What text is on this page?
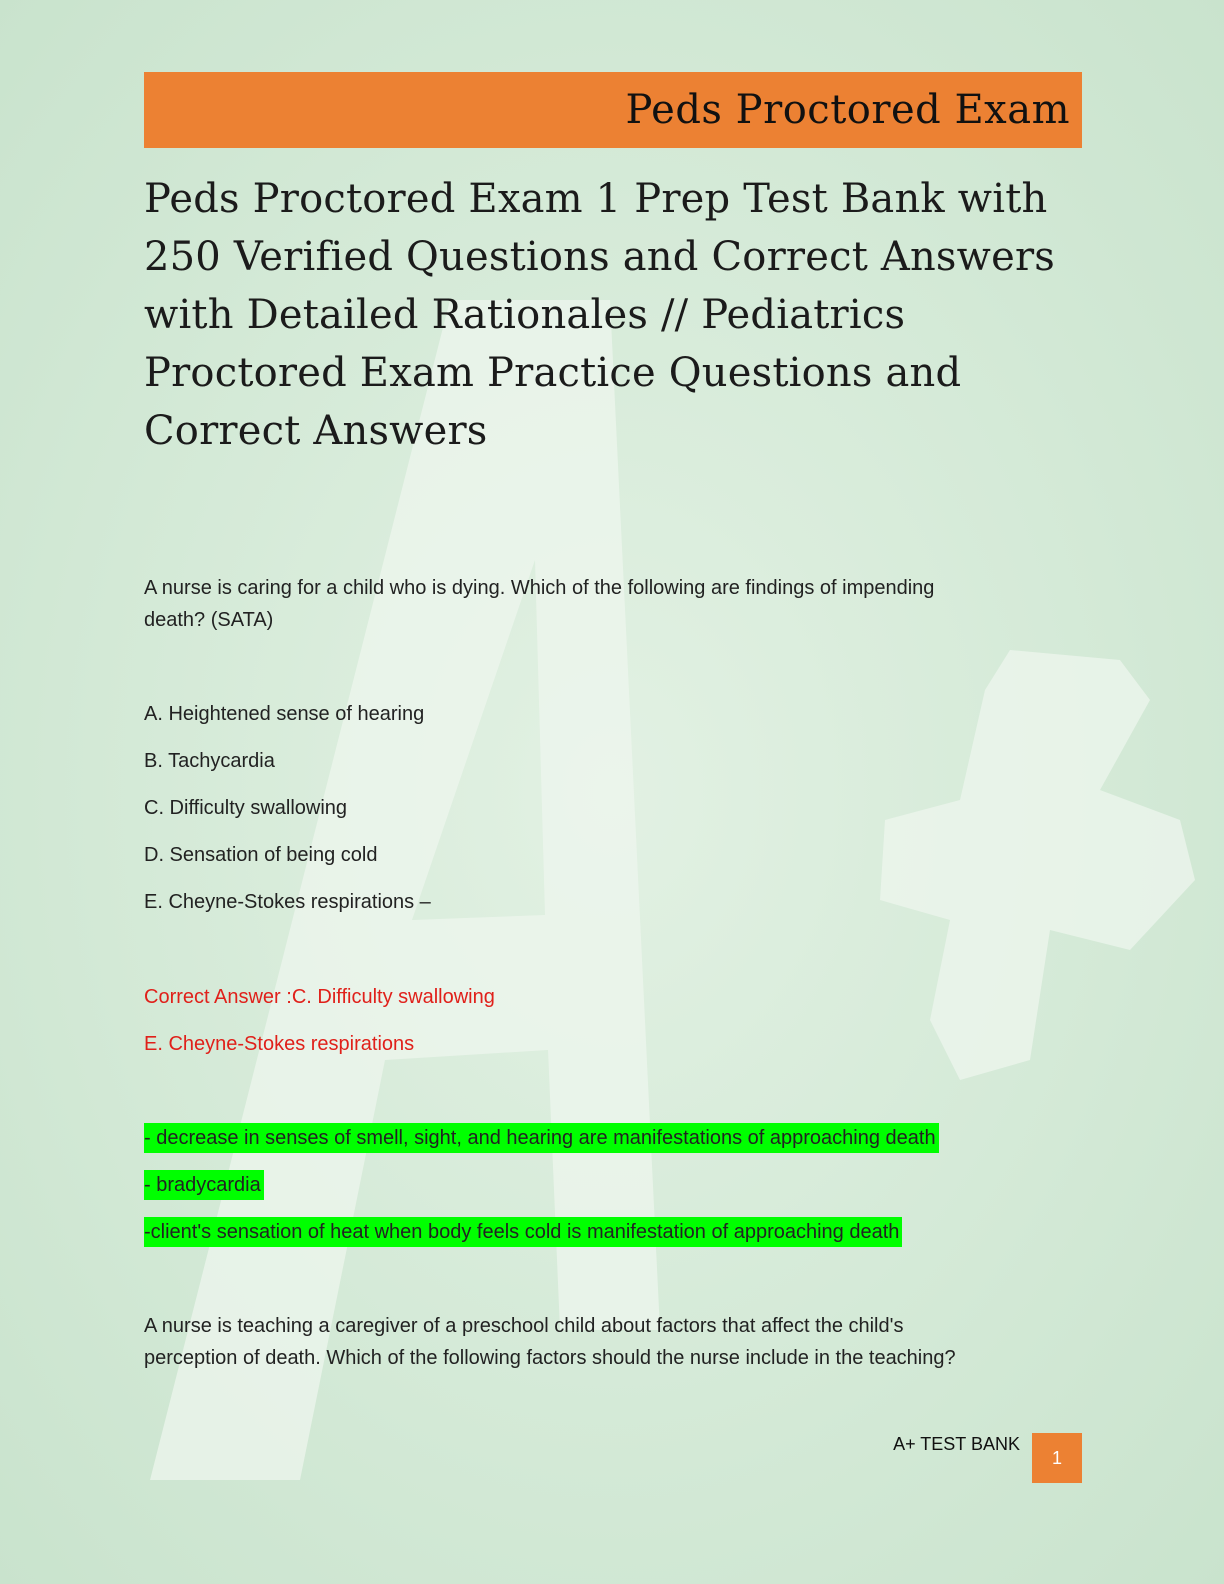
Peds Proctored Exam
Peds Proctored Exam 1 Prep Test Bank with 250 Verified Questions and Correct Answers with Detailed Rationales // Pediatrics Proctored Exam Practice Questions and Correct Answers

A nurse is caring for a child who is dying. Which of the following are findings of impending

death? (SATA)

A. Heightened sense of hearing

B. Tachycardia

C. Difficulty swallowing

D. Sensation of being cold

E. Cheyne-Stokes respirations –

Correct Answer :C. Difficulty swallowing

E. Cheyne-Stokes respirations

- decrease in senses of smell, sight, and hearing are manifestations of approaching death

- bradycardia

-client's sensation of heat when body feels cold is manifestation of approaching death

A nurse is teaching a caregiver of a preschool child about factors that affect the child's

perception of death. Which of the following factors should the nurse include in the teaching?

A+ TEST BANK
1
